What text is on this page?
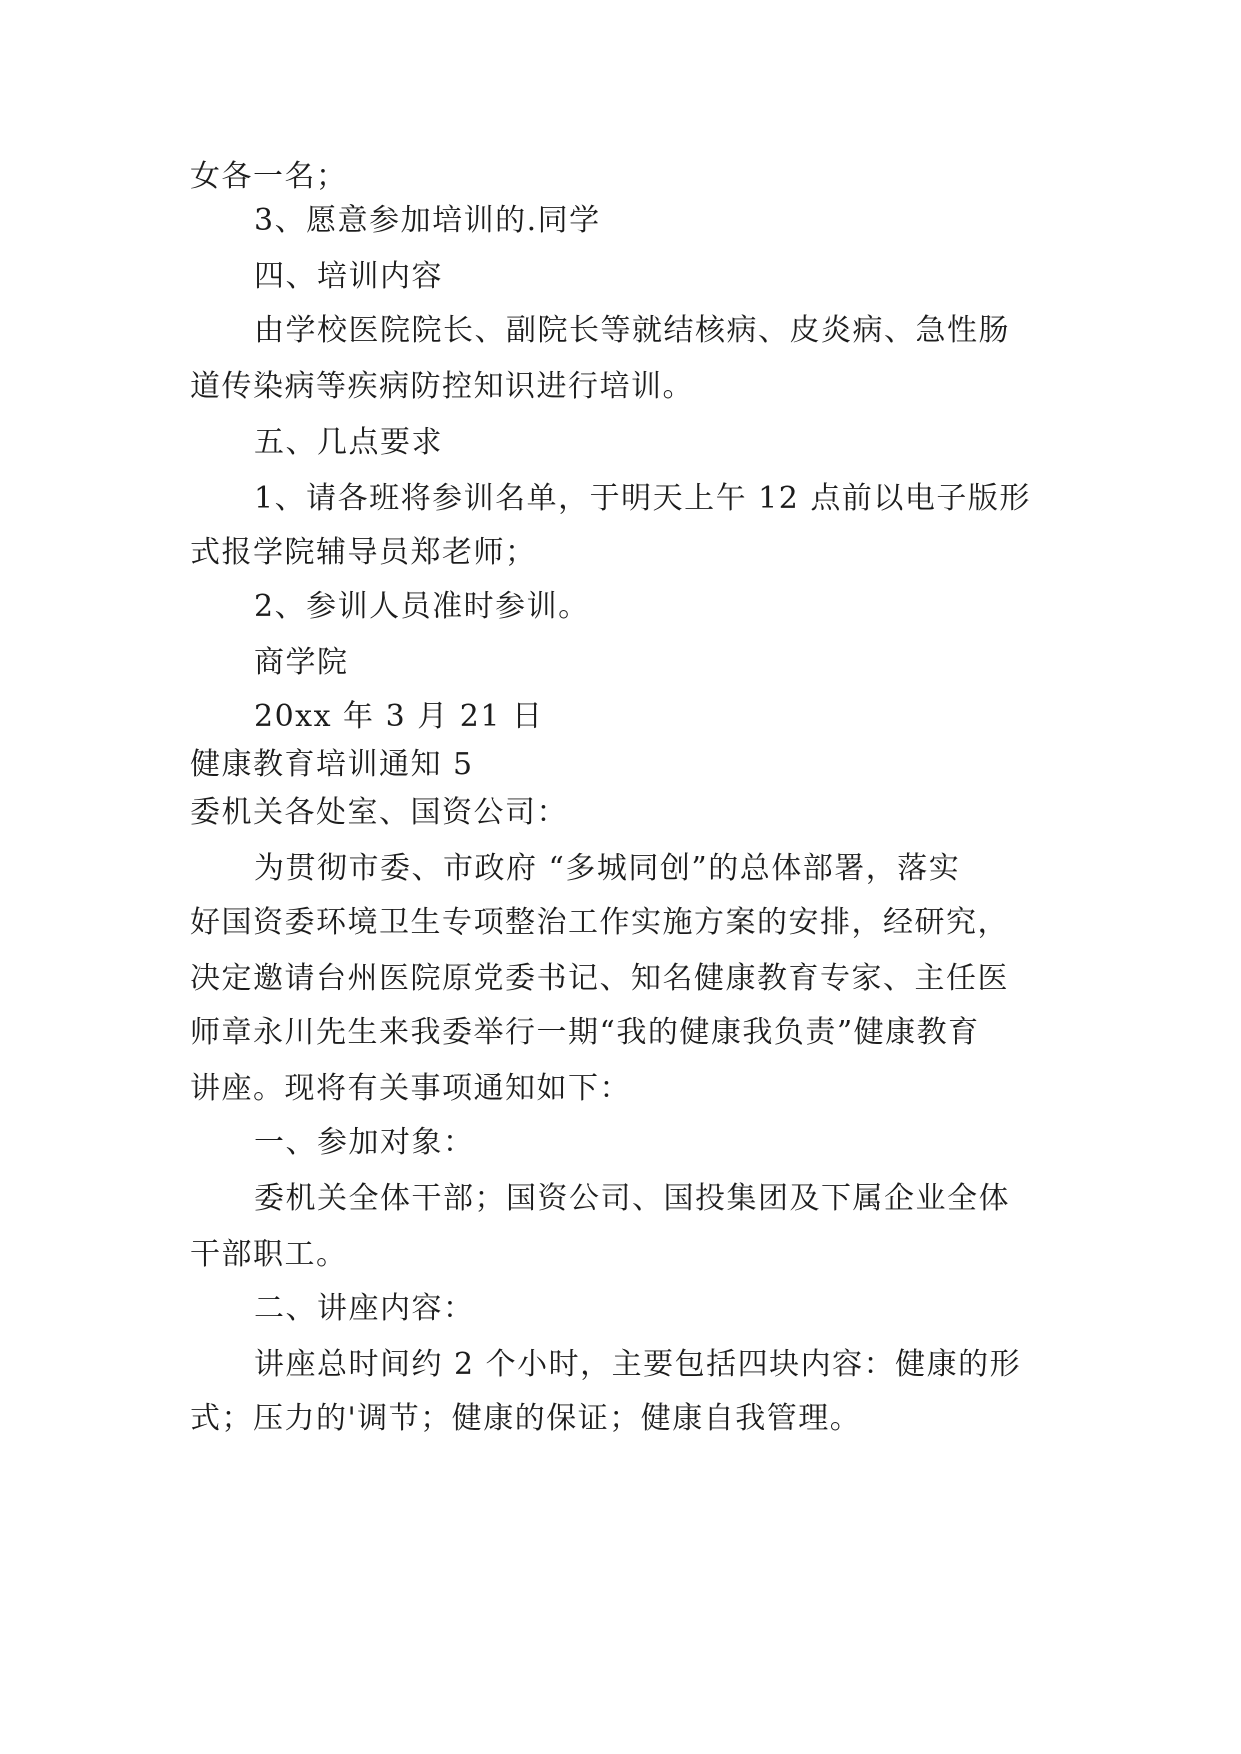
女各一名；
3、愿意参加培训的.同学
四、培训内容
由学校医院院长、副院长等就结核病、皮炎病、急性肠
道传染病等疾病防控知识进行培训。
五、几点要求
1、请各班将参训名单，于明天上午 12 点前以电子版形
式报学院辅导员郑老师；
2、参训人员准时参训。
商学院
20xx 年 3 月 21 日
健康教育培训通知 5
委机关各处室、国资公司：
为贯彻市委、市政府 “多城同创”的总体部署，落实
好国资委环境卫生专项整治工作实施方案的安排，经研究，
决定邀请台州医院原党委书记、知名健康教育专家、主任医
师章永川先生来我委举行一期“我的健康我负责”健康教育
讲座。现将有关事项通知如下：
一、参加对象：
委机关全体干部；国资公司、国投集团及下属企业全体
干部职工。
二、讲座内容：
讲座总时间约 2 个小时，主要包括四块内容：健康的形
式；压力的'调节；健康的保证；健康自我管理。
